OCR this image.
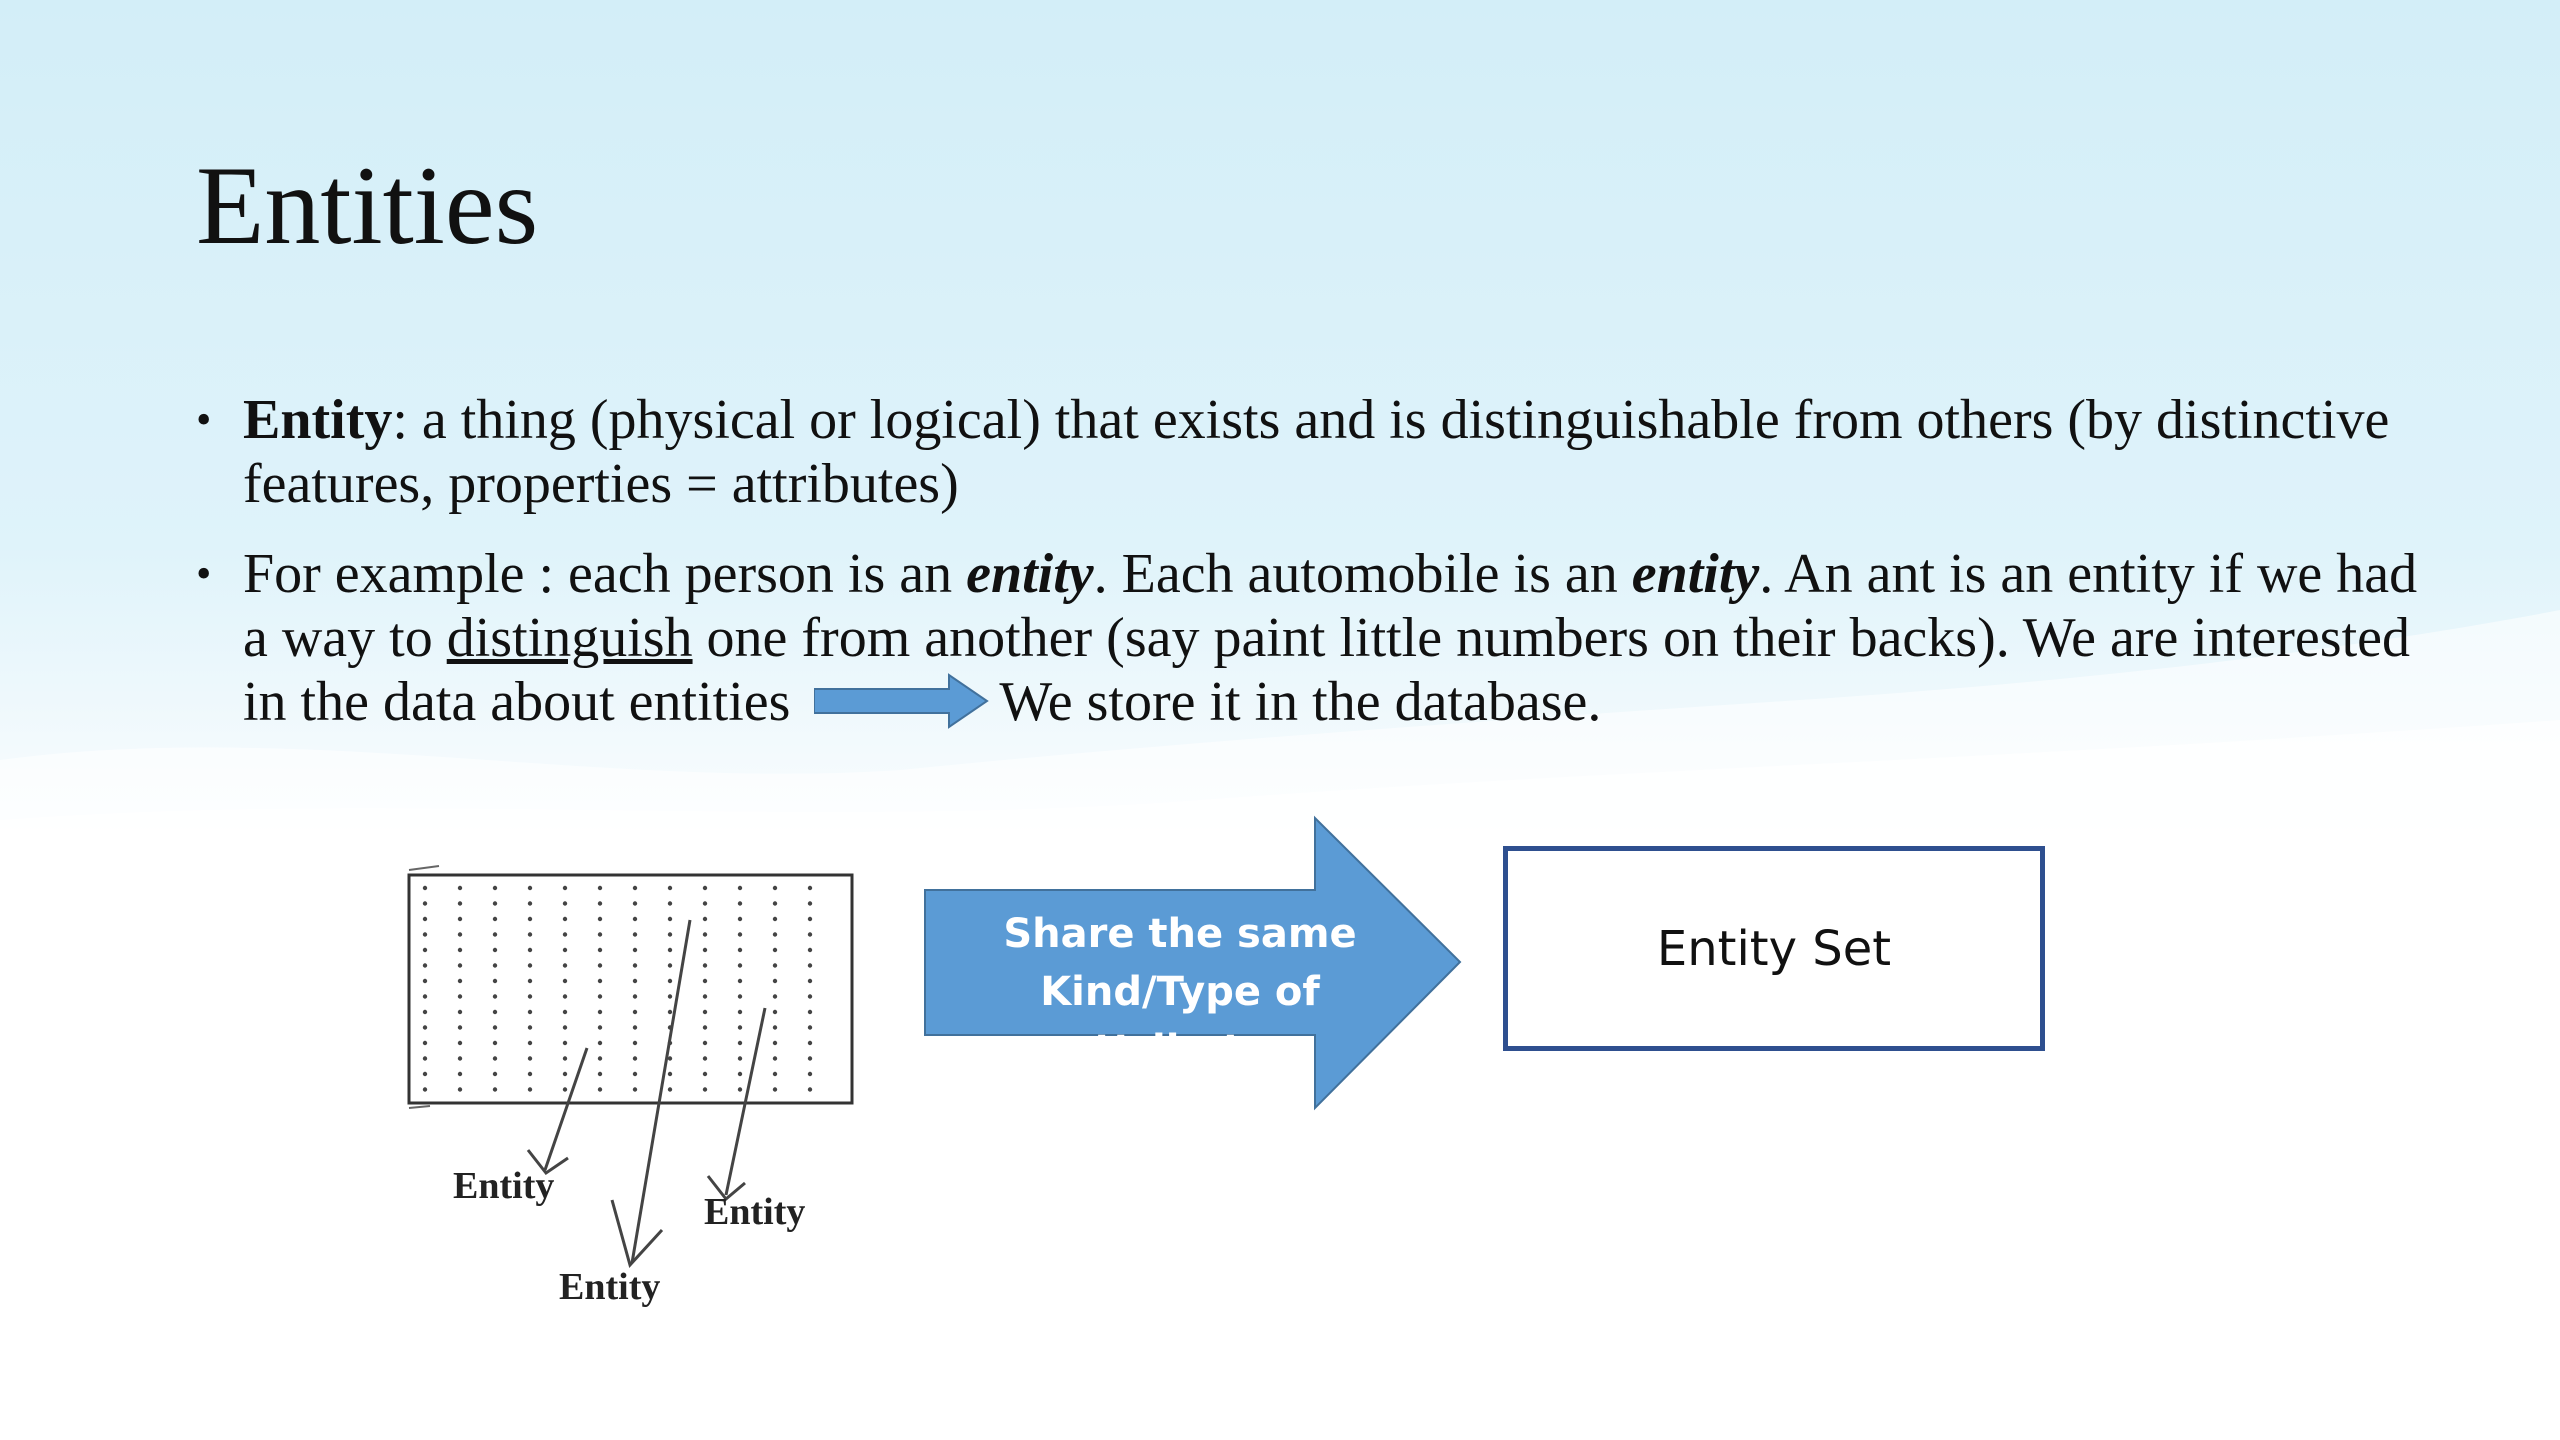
Entities
• Entity: a thing (physical or logical) that exists and is distinguishable from others (by distinctive features, properties = attributes)
• For example : each person is an entity. Each automobile is an entity. An ant is an entity if we had a way to distinguish one from another (say paint little numbers on their backs). We are interested in the data about entities	We store it in the database.
Share the same
Kind/Type of attributes
Entity Set
Entity
Entity
Entity
